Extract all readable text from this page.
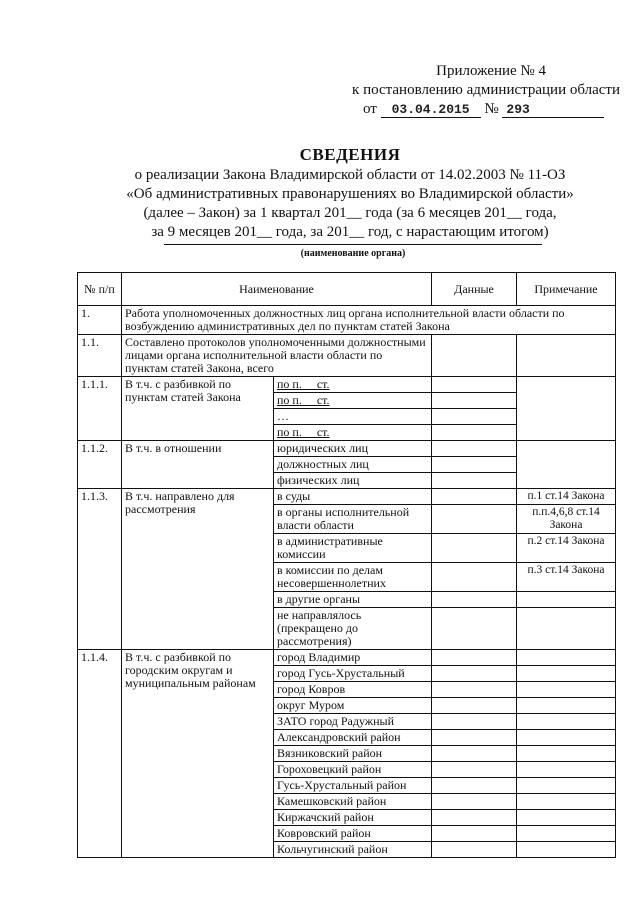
Приложение № 4
к постановлению администрации области
от 03.04.2015 № 293
СВЕДЕНИЯ
о реализации Закона Владимирской области от 14.02.2003 № 11-ОЗ
«Об административных правонарушениях во Владимирской области»
(далее – Закон) за 1 квартал 201__ года (за 6 месяцев 201__ года,
за 9 месяцев 201__ года, за 201__ год, с нарастающим итогом)
(наименование органа)
№ п/п	Наименование		Данные	Примечание
1.	Работа уполномоченных должностных лиц органа исполнительной власти области по возбуждению административных дел по пунктам статей Закона			
1.1.	Составлено протоколов уполномоченными должностными лицами органа исполнительной власти области по пунктам статей Закона, всего			
1.1.1.	В т.ч. с разбивкой по пунктам статей Закона	по п.__ ст.		
		по п.__ ст.		
		…		
		по п.__ ст.		
1.1.2.	В т.ч. в отношении	юридических лиц		
		должностных лиц		
		физических лиц		
1.1.3.	В т.ч. направлено для рассмотрения	в суды		п.1 ст.14 Закона
		в органы исполнительной власти области		п.п.4,6,8 ст.14 Закона
		в административные комиссии		п.2 ст.14 Закона
		в комиссии по делам несовершеннолетних		п.3 ст.14 Закона
		в другие органы		
		не направлялось (прекращено до рассмотрения)		
1.1.4.	В т.ч. с разбивкой по городским округам и муниципальным районам	город Владимир		
		город Гусь-Хрустальный		
		город Ковров		
		округ Муром		
		ЗАТО город Радужный		
		Александровский район		
		Вязниковский район		
		Гороховецкий район		
		Гусь-Хрустальный район		
		Камешковский район		
		Киржачский район		
		Ковровский район		
		Кольчугинский район		
